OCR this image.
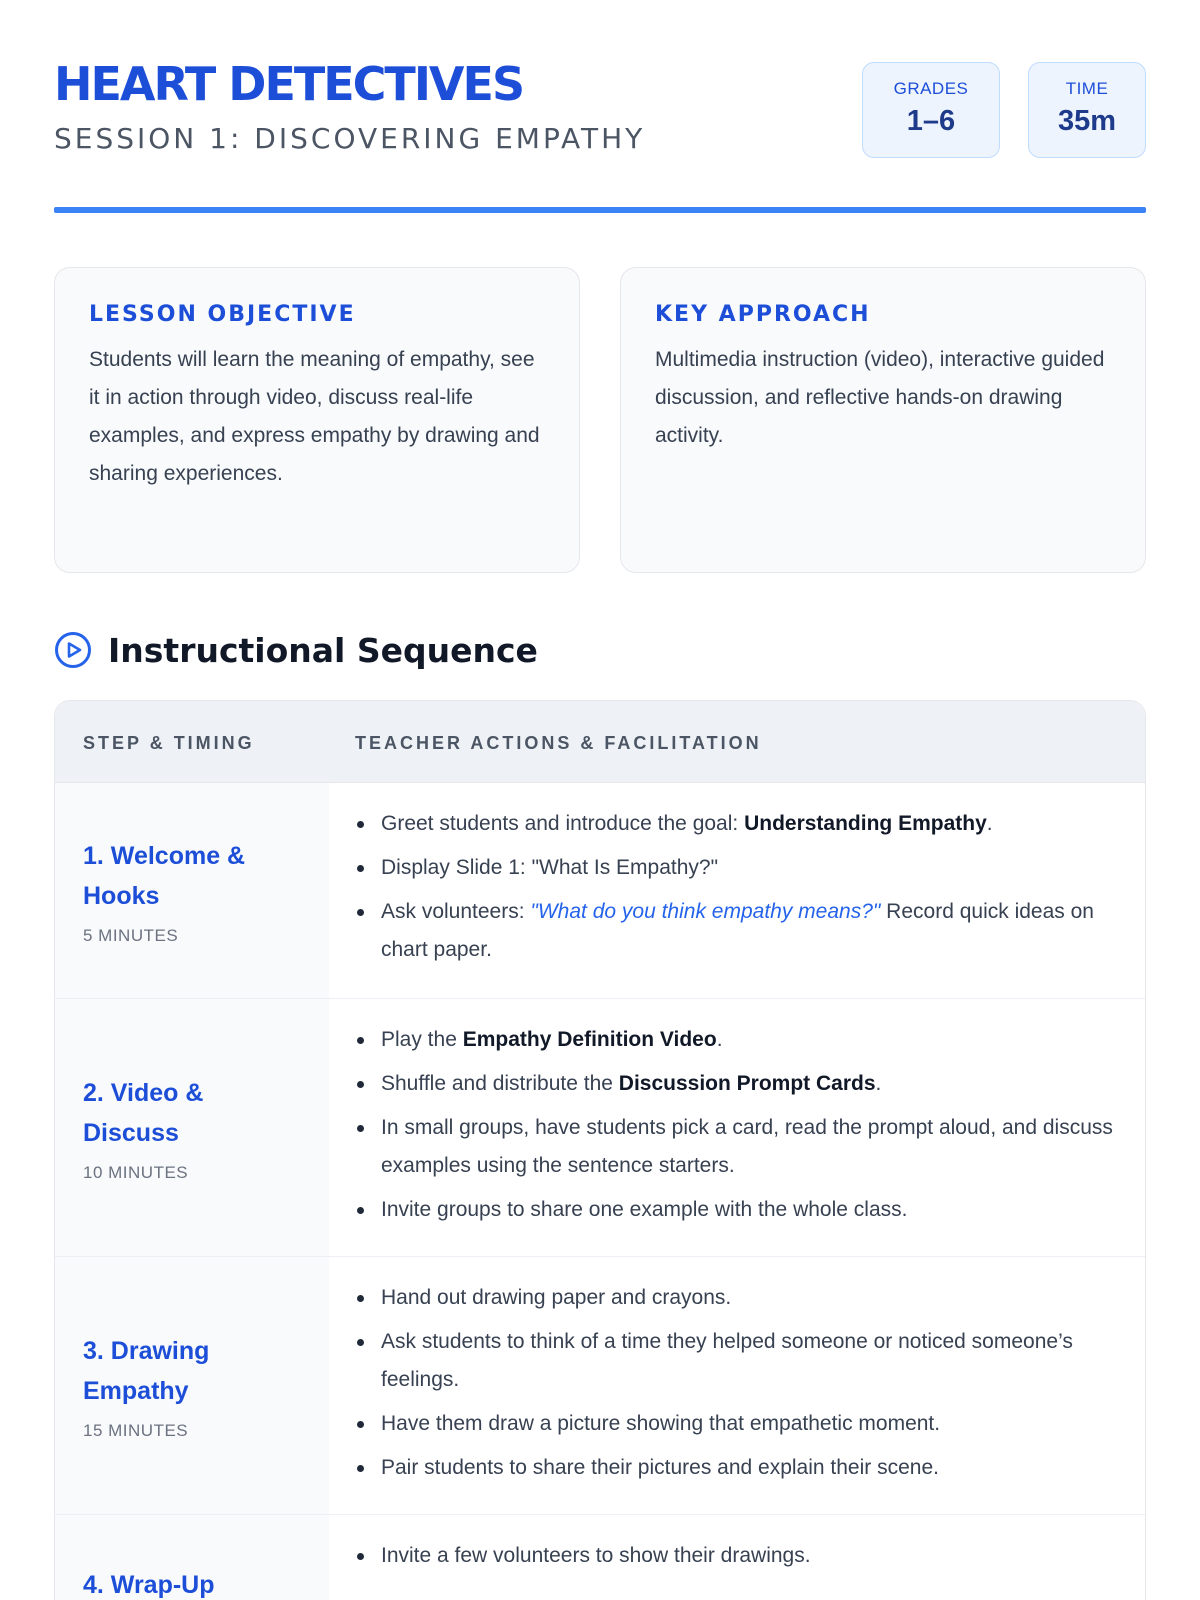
HEART DETECTIVES
SESSION 1: DISCOVERING EMPATHY
GRADES
1–6
TIME
35m
LESSON OBJECTIVE

Students will learn the meaning of empathy, see it in action through video, discuss real-life examples, and express empathy by drawing and sharing experiences.

KEY APPROACH

Multimedia instruction (video), interactive guided discussion, and reflective hands-on drawing activity.

Instructional Sequence
STEP & TIMING	TEACHER ACTIONS & FACILITATION
1. Welcome & Hooks
5 MINUTES
Greet students and introduce the goal: Understanding Empathy.
Display Slide 1: "What Is Empathy?"
Ask volunteers: "What do you think empathy means?" Record quick ideas on chart paper.
2. Video & Discuss
10 MINUTES
Play the Empathy Definition Video.
Shuffle and distribute the Discussion Prompt Cards.
In small groups, have students pick a card, read the prompt aloud, and discuss examples using the sentence starters.
Invite groups to share one example with the whole class.
3. Drawing Empathy
15 MINUTES
Hand out drawing paper and crayons.
Ask students to think of a time they helped someone or noticed someone’s feelings.
Have them draw a picture showing that empathetic moment.
Pair students to share their pictures and explain their scene.
4. Wrap-Up
Invite a few volunteers to show their drawings.
